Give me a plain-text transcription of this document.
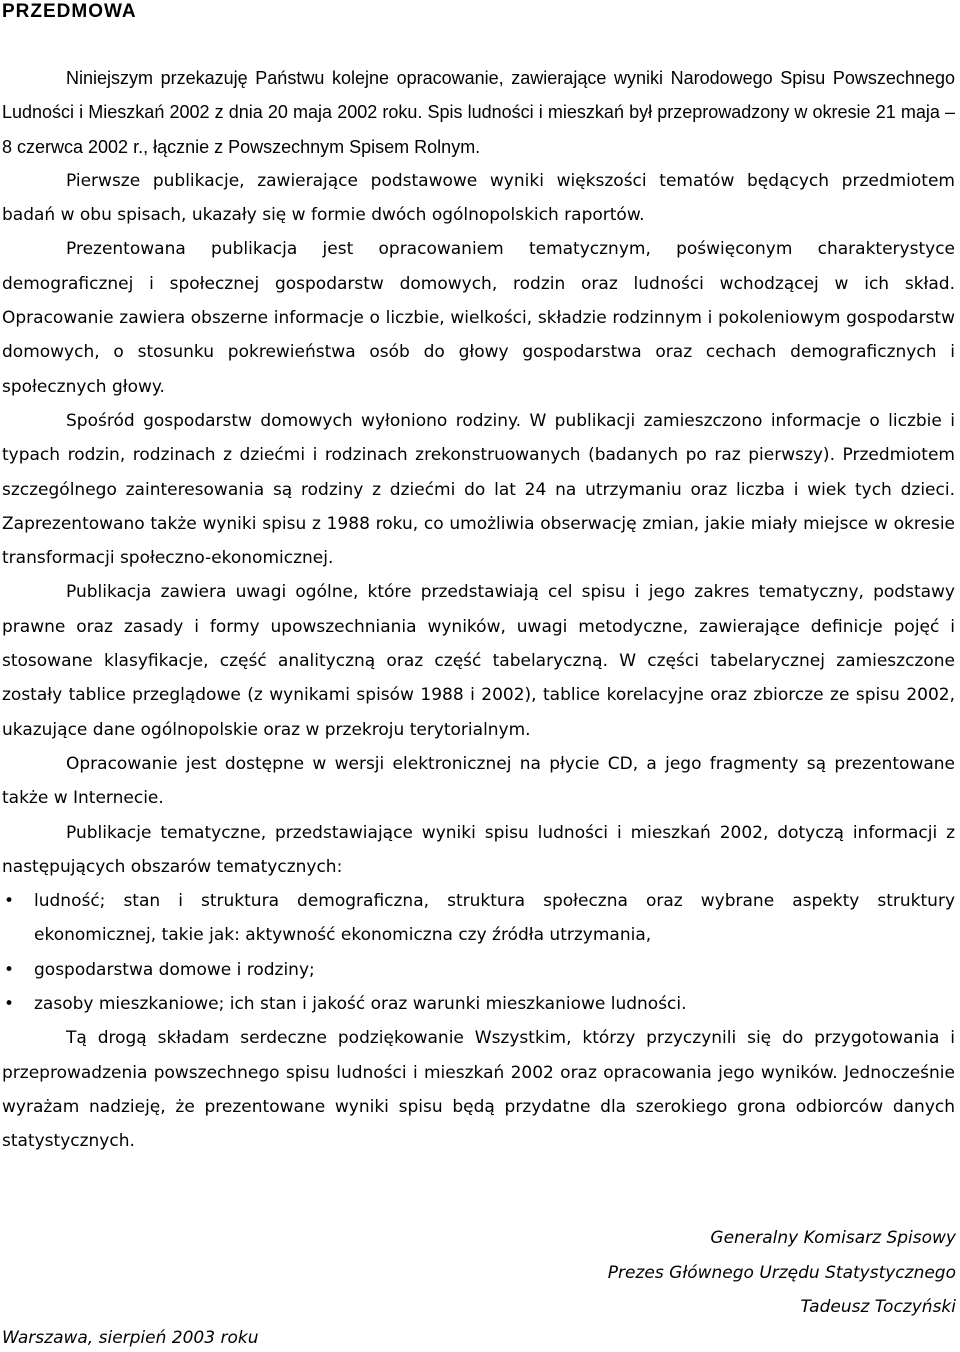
PRZEDMOWA

Niniejszym przekazuję Państwu kolejne opracowanie, zawierające wyniki Narodowego Spisu Powszechnego Ludności i Mieszkań 2002 z dnia 20 maja 2002 roku. Spis ludności i mieszkań był przeprowadzony w okresie 21 maja – 8 czerwca 2002 r., łącznie z Powszechnym Spisem Rolnym.

Pierwsze publikacje, zawierające podstawowe wyniki większości tematów będących przedmiotem badań w obu spisach, ukazały się w formie dwóch ogólnopolskich raportów.

Prezentowana publikacja jest opracowaniem tematycznym, poświęconym charakterystyce demograficznej i społecznej gospodarstw domowych, rodzin oraz ludności wchodzącej w ich skład. Opracowanie zawiera obszerne informacje o liczbie, wielkości, składzie rodzinnym i pokoleniowym gospodarstw domowych, o stosunku pokrewieństwa osób do głowy gospodarstwa oraz cechach demograficznych i społecznych głowy.

Spośród gospodarstw domowych wyłoniono rodziny. W publikacji zamieszczono informacje o liczbie i typach rodzin, rodzinach z dziećmi i rodzinach zrekonstruowanych (badanych po raz pierwszy). Przedmiotem szczególnego zainteresowania są rodziny z dziećmi do lat 24 na utrzymaniu oraz liczba i wiek tych dzieci. Zaprezentowano także wyniki spisu z 1988 roku, co umożliwia obserwację zmian, jakie miały miejsce w okresie transformacji społeczno-ekonomicznej.

Publikacja zawiera uwagi ogólne, które przedstawiają cel spisu i jego zakres tematyczny, podstawy prawne oraz zasady i formy upowszechniania wyników, uwagi metodyczne, zawierające definicje pojęć i stosowane klasyfikacje, część analityczną oraz część tabelaryczną. W części tabelarycznej zamieszczone zostały tablice przeglądowe (z wynikami spisów 1988 i 2002), tablice korelacyjne oraz zbiorcze ze spisu 2002, ukazujące dane ogólnopolskie oraz w przekroju terytorialnym.

Opracowanie jest dostępne w wersji elektronicznej na płycie CD, a jego fragmenty są prezentowane także w Internecie.

Publikacje tematyczne, przedstawiające wyniki spisu ludności i mieszkań 2002, dotyczą informacji z następujących obszarów tematycznych:

• ludność; stan i struktura demograficzna, struktura społeczna oraz wybrane aspekty struktury ekonomicznej, takie jak: aktywność ekonomiczna czy źródła utrzymania,
• gospodarstwa domowe i rodziny;
• zasoby mieszkaniowe; ich stan i jakość oraz warunki mieszkaniowe ludności.

Tą drogą składam serdeczne podziękowanie Wszystkim, którzy przyczynili się do przygotowania i przeprowadzenia powszechnego spisu ludności i mieszkań 2002 oraz opracowania jego wyników. Jednocześnie wyrażam nadzieję, że prezentowane wyniki spisu będą przydatne dla szerokiego grona odbiorców danych statystycznych.

Generalny Komisarz Spisowy
Prezes Głównego Urzędu Statystycznego
Tadeusz Toczyński
Warszawa, sierpień 2003 roku
